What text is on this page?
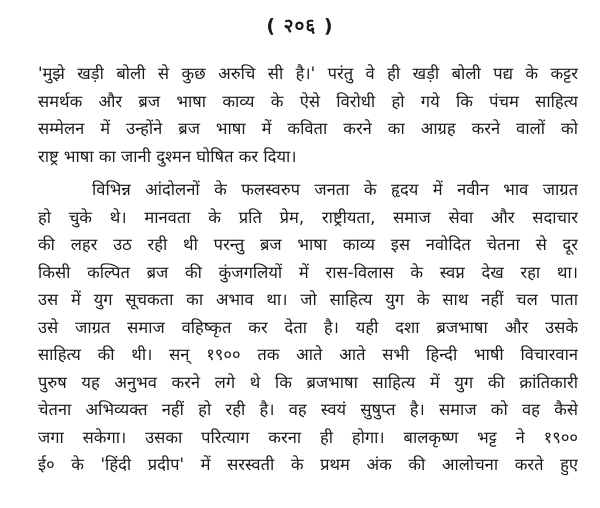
( २०६ )
'मुझे खड़ी बोली से कुछ अरुचि सी है।' परंतु वे ही खड़ी बोली पद्य के कट्टर
समर्थक और ब्रज भाषा काव्य के ऐसे विरोधी हो गये कि पंचम साहित्य
सम्मेलन में उन्होंने ब्रज भाषा में कविता करने का आग्रह करने वालों को
राष्ट्र भाषा का जानी दुश्मन घोषित कर दिया।
विभिन्न आंदोलनों के फलस्वरुप जनता के हृदय में नवीन भाव जाग्रत
हो चुके थे। मानवता के प्रति प्रेम, राष्ट्रीयता, समाज सेवा और सदाचार
की लहर उठ रही थी परन्तु ब्रज भाषा काव्य इस नवोदित चेतना से दूर
किसी कल्पित ब्रज की कुंजगलियों में रास-विलास के स्वप्न देख रहा था।
उस में युग सूचकता का अभाव था। जो साहित्य युग के साथ नहीं चल पाता
उसे जाग्रत समाज वहिष्कृत कर देता है। यही दशा ब्रजभाषा और उसके
साहित्य की थी। सन् १९०० तक आते आते सभी हिन्दी भाषी विचारवान
पुरुष यह अनुभव करने लगे थे कि ब्रजभाषा साहित्य में युग की क्रांतिकारी
चेतना अभिव्यक्त नहीं हो रही है। वह स्वयं सुषुप्त है। समाज को वह कैसे
जगा सकेगा। उसका परित्याग करना ही होगा। बालकृष्ण भट्ट ने १९००
ई० के 'हिंदी प्रदीप' में सरस्वती के प्रथम अंक की आलोचना करते हुए
